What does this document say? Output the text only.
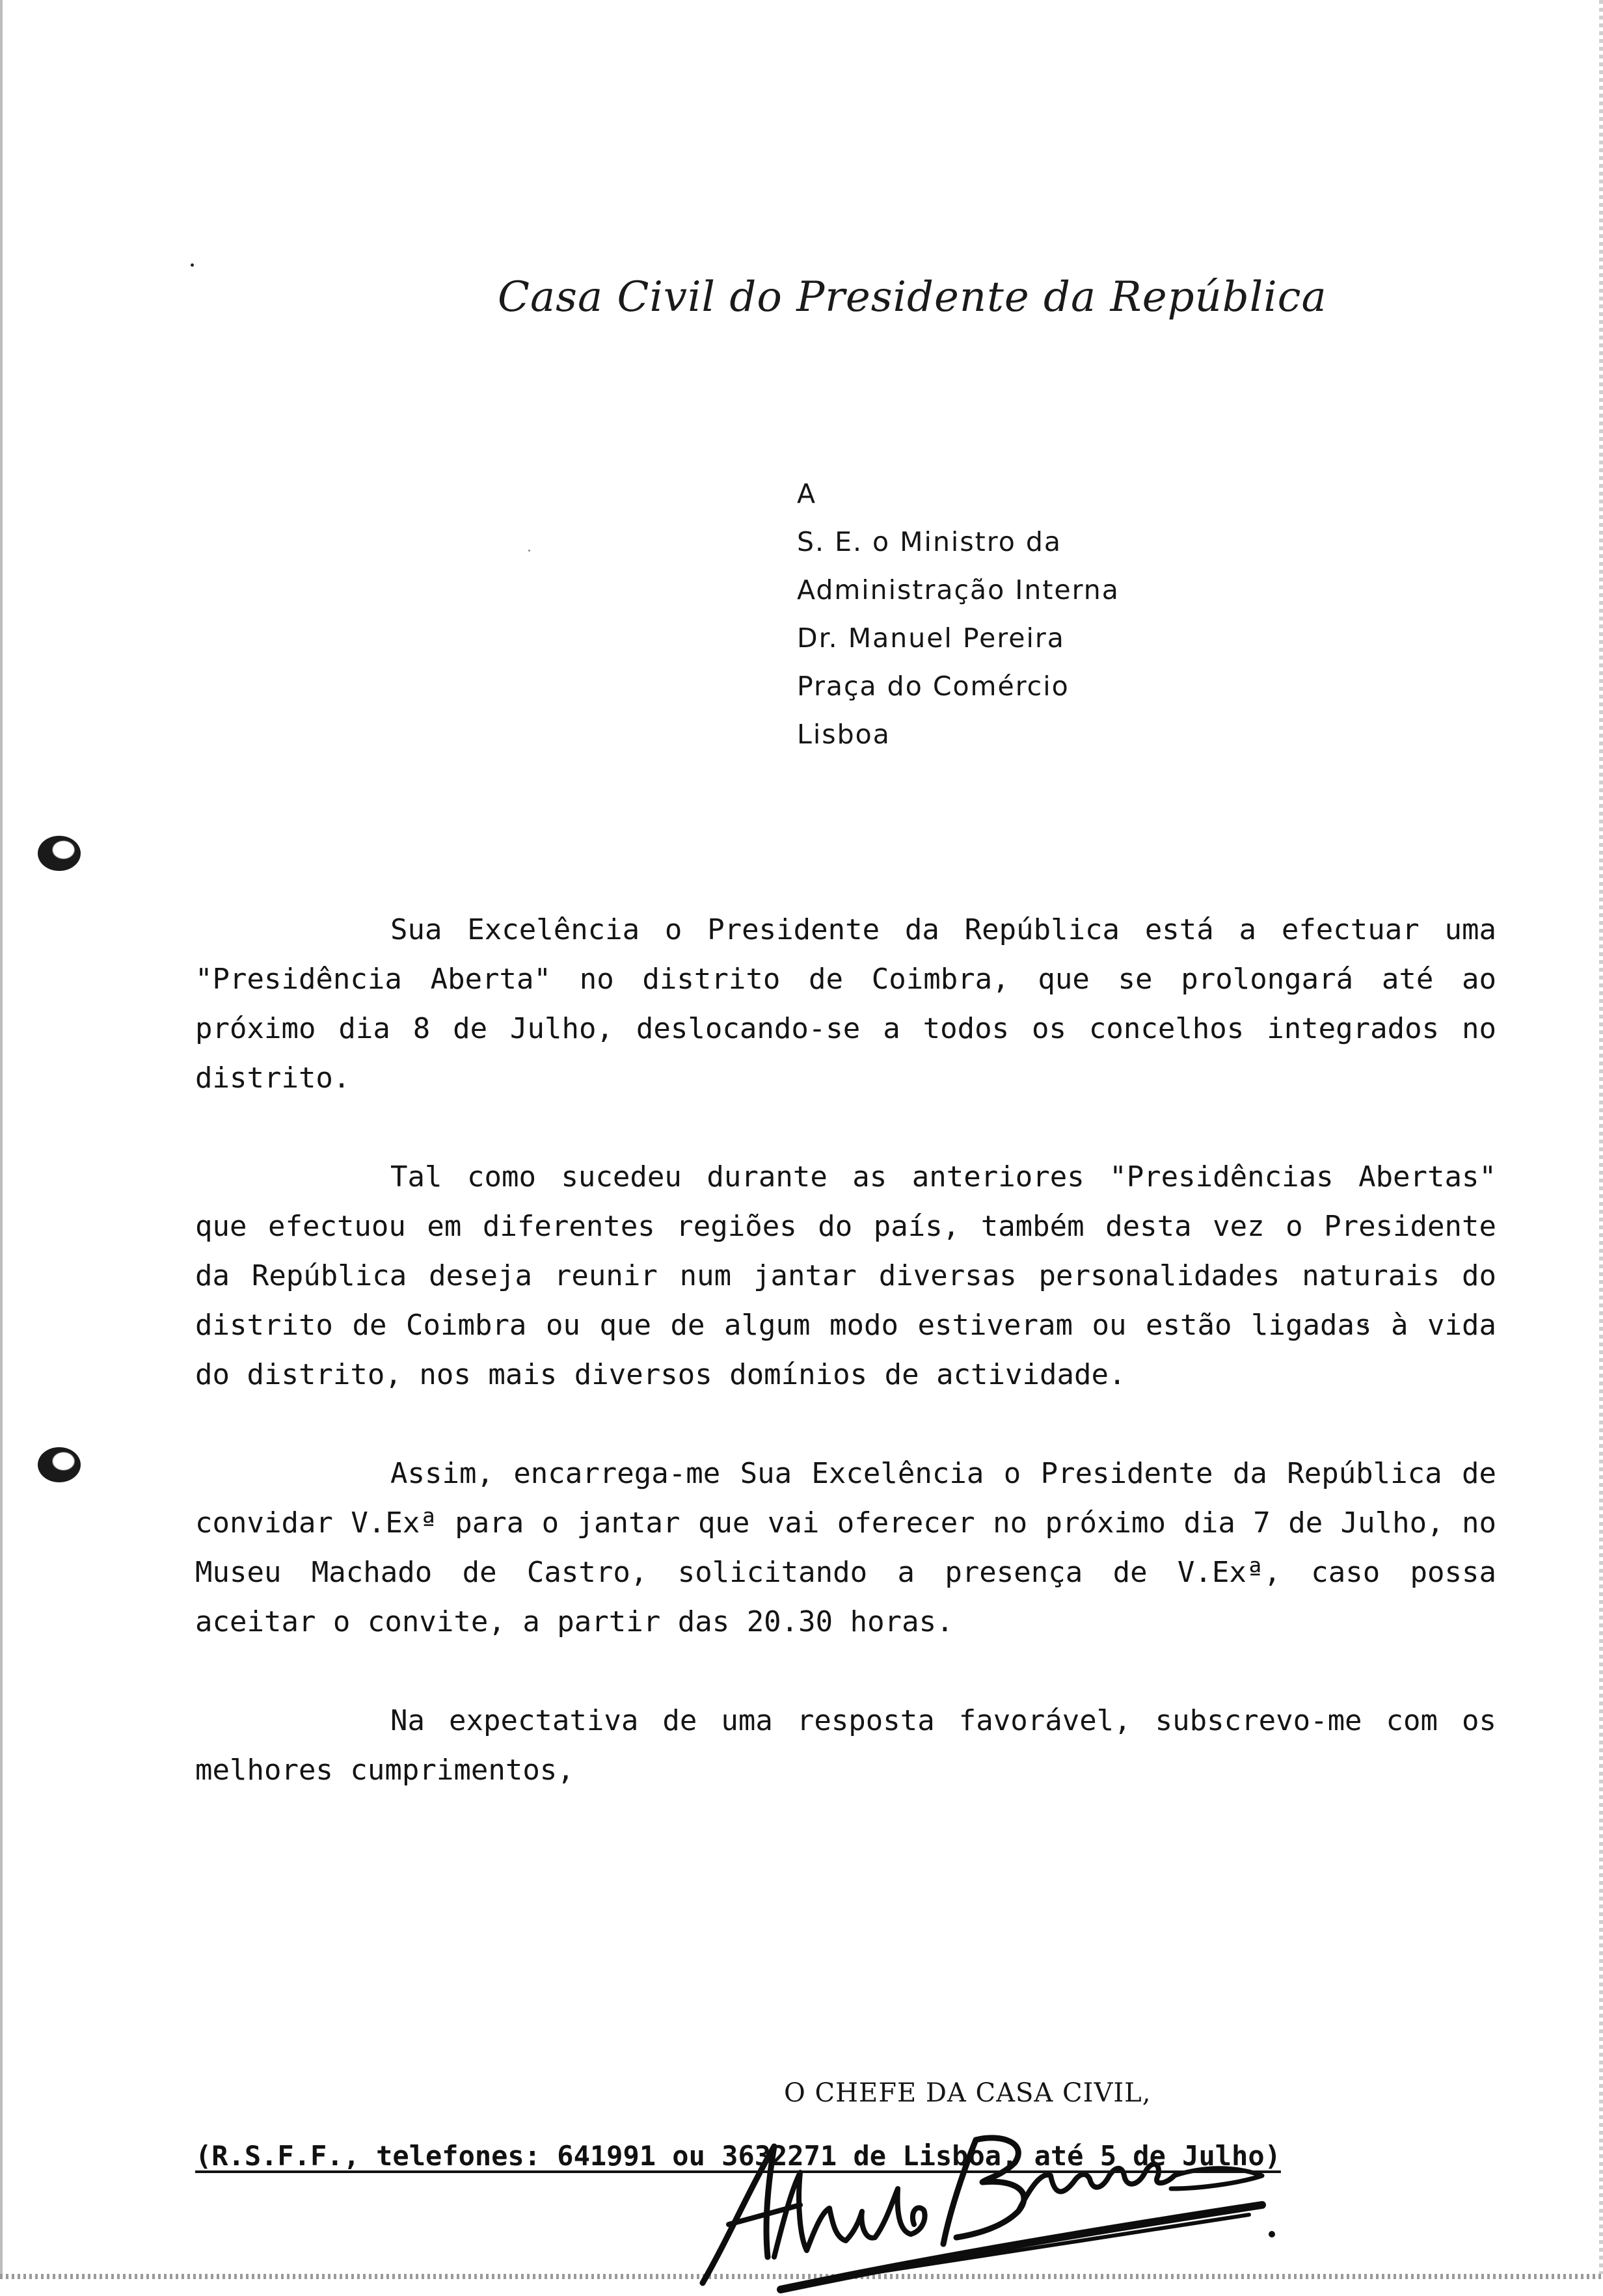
Casa Civil do Presidente da República
A
S. E. o Ministro da
Administração Interna
Dr. Manuel Pereira
Praça do Comércio
Lisboa

Sua Excelência o Presidente da República está a efectuar uma "Presidência Aberta" no distrito de Coimbra, que se prolongará até ao próximo dia 8 de Julho, deslocando-se a todos os concelhos integrados no distrito.

Tal como sucedeu durante as anteriores "Presidências Abertas" que efectuou em diferentes regiões do país, também desta vez o Presidente da República deseja reunir num jantar diversas personalidades naturais do distrito de Coimbra ou que de algum modo estiveram ou estão ligadas à vida do distrito, nos mais diversos domínios de actividade.

Assim, encarrega-me Sua Excelência o Presidente da República de convidar V.Exª para o jantar que vai oferecer no próximo dia 7 de Julho, no Museu Machado de Castro, solicitando a presença de V.Exª, caso possa aceitar o convite, a partir das 20.30 horas.

Na expectativa de uma resposta favorável, subscrevo-me com os melhores cumprimentos,

O CHEFE DA CASA CIVIL,
(R.S.F.F., telefones: 641991 ou 3632271 de Lisboa, até 5 de Julho)
